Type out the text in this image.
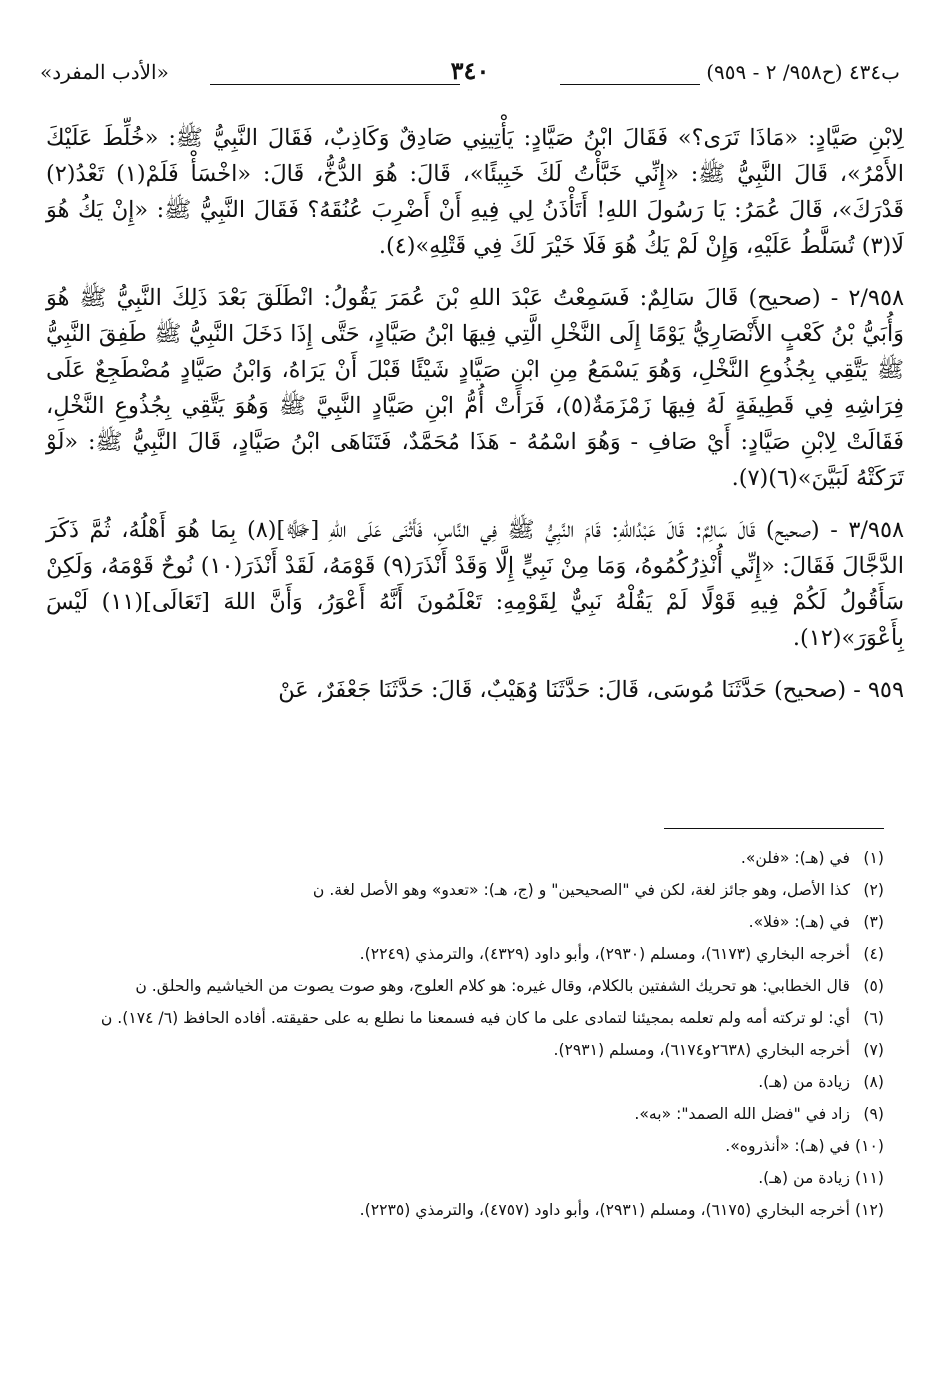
ب٤٣٤ (ح٩٥٨/ ٢ - ٩٥٩)
٣٤٠
«الأدب المفرد»

لِابْنِ صَيَّادٍ: «مَاذَا تَرَى؟» فَقَالَ ابْنُ صَيَّادٍ: يَأْتِينِي صَادِقٌ وَكَاذِبٌ، فَقَالَ النَّبِيُّ ﷺ: «خُلِّطَ عَلَيْكَ الأَمْرُ»، قَالَ النَّبِيُّ ﷺ: «إِنِّي خَبَّأْتُ لَكَ خَبِيئًا»، قَالَ: هُوَ الدُّخُّ، قَالَ: «اخْسَأْ فَلَمْ(١) تَعْدُ(٢) قَدْرَكَ»، قَالَ عُمَرُ: يَا رَسُولَ اللهِ! أَتَأْذَنُ لِي فِيهِ أَنْ أَضْرِبَ عُنُقَهُ؟ فَقَالَ النَّبِيُّ ﷺ: «إِنْ يَكُ هُوَ لَا(٣) تُسَلَّطُ عَلَيْهِ، وَإِنْ لَمْ يَكُ هُوَ فَلَا خَيْرَ لَكَ فِي قَتْلِهِ»(٤).

٢/٩٥٨ - (صحيح) قَالَ سَالِمٌ: فَسَمِعْتُ عَبْدَ اللهِ بْنَ عُمَرَ يَقُولُ: انْطَلَقَ بَعْدَ ذَلِكَ النَّبِيُّ ﷺ هُوَ وَأُبَيُّ بْنُ كَعْبٍ الأَنْصَارِيُّ يَوْمًا إِلَى النَّخْلِ الَّتِي فِيهَا ابْنُ صَيَّادٍ، حَتَّى إِذَا دَخَلَ النَّبِيُّ ﷺ طَفِقَ النَّبِيُّ ﷺ يَتَّقِي بِجُذُوعِ النَّخْلِ، وَهُوَ يَسْمَعُ مِنِ ابْنِ صَيَّادٍ شَيْئًا قَبْلَ أَنْ يَرَاهُ، وَابْنُ صَيَّادٍ مُضْطَجِعٌ عَلَى فِرَاشِهِ فِي قَطِيفَةٍ لَهُ فِيهَا زَمْزَمَةٌ(٥)، فَرَأَتْ أُمُّ ابْنِ صَيَّادٍ النَّبِيَّ ﷺ وَهُوَ يَتَّقِي بِجُذُوعِ النَّخْلِ، فَقَالَتْ لِابْنِ صَيَّادٍ: أَيْ صَافِ - وَهُوَ اسْمُهُ - هَذَا مُحَمَّدٌ، فَتَنَاهَى ابْنُ صَيَّادٍ، قَالَ النَّبِيُّ ﷺ: «لَوْ تَرَكَتْهُ لَبَيَّنَ»(٦)(٧).

٣/٩٥٨ - (صحيح) قَالَ سَالِمٌ: قَالَ عَبْدُاللهِ: قَامَ النَّبِيُّ ﷺ فِي النَّاسِ، فَأَثْنَى عَلَى اللهِ [ﷻ](٨) بِمَا هُوَ أَهْلُهُ، ثُمَّ ذَكَرَ الدَّجَّالَ فَقَالَ: «إِنِّي أُنْذِرُكُمُوهُ، وَمَا مِنْ نَبِيٍّ إِلَّا وَقَدْ أَنْذَرَ(٩) قَوْمَهُ، لَقَدْ أَنْذَرَ(١٠) نُوحٌ قَوْمَهُ، وَلَكِنْ سَأَقُولُ لَكُمْ فِيهِ قَوْلًا لَمْ يَقُلْهُ نَبِيٌّ لِقَوْمِهِ: تَعْلَمُونَ أَنَّهُ أَعْوَرُ، وَأَنَّ اللهَ [تَعَالَى](١١) لَيْسَ بِأَعْوَرَ»(١٢).

٩٥٩ - (صحيح) حَدَّثَنَا مُوسَى، قَالَ: حَدَّثَنَا وُهَيْبٌ، قَالَ: حَدَّثَنَا جَعْفَرٌ، عَنْ

(١)
في (هـ): «فلن».
(٢)
كذا الأصل، وهو جائز لغة، لكن في "الصحيحين" و (ج، هـ): «تعدو» وهو الأصل لغة. ن
(٣)
في (هـ): «فلا».
(٤)
أخرجه البخاري (٦١٧٣)، ومسلم (٢٩٣٠)، وأبو داود (٤٣٢٩)، والترمذي (٢٢٤٩).
(٥)
قال الخطابي: هو تحريك الشفتين بالكلام، وقال غيره: هو كلام العلوج، وهو صوت يصوت من الخياشيم والحلق. ن
(٦)
أي: لو تركته أمه ولم تعلمه بمجيئنا لتمادى على ما كان فيه فسمعنا ما نطلع به على حقيقته. أفاده الحافظ (٦/ ١٧٤). ن
(٧)
أخرجه البخاري (٢٦٣٨و٦١٧٤)، ومسلم (٢٩٣١).
(٨)
زيادة من (هـ).
(٩)
زاد في "فضل الله الصمد": «به».
(١٠)
في (هـ): «أنذروه».
(١١)
زيادة من (هـ).
(١٢)
أخرجه البخاري (٦١٧٥)، ومسلم (٢٩٣١)، وأبو داود (٤٧٥٧)، والترمذي (٢٢٣٥).
